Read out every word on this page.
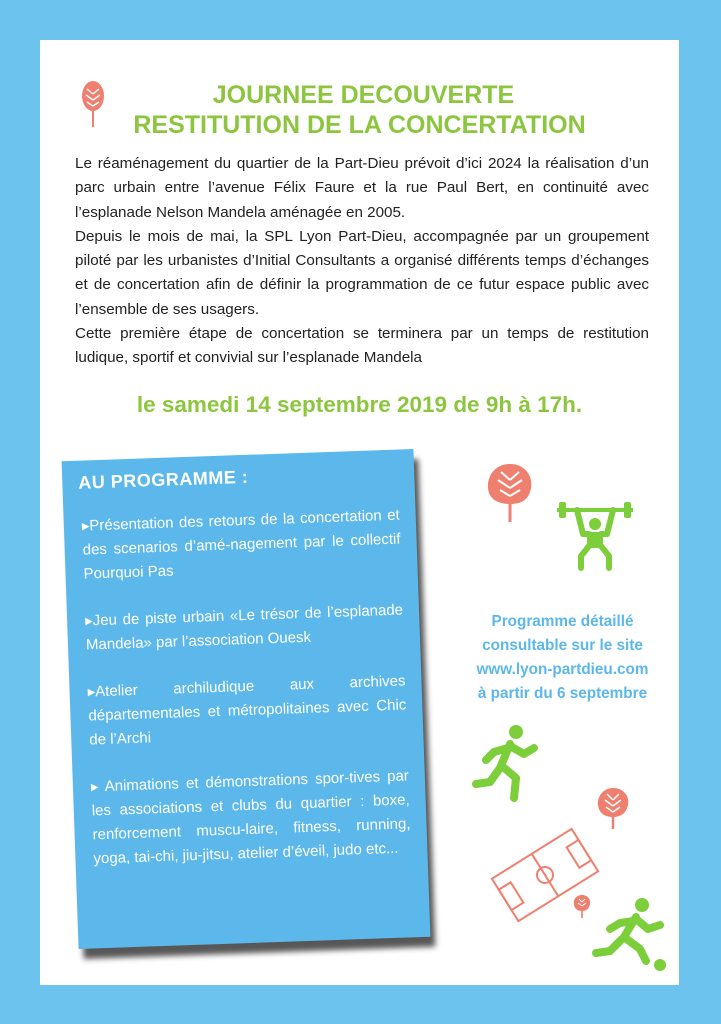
JOURNEE DECOUVERTE
RESTITUTION DE LA CONCERTATION

Le réaménagement du quartier de la Part-Dieu prévoit d’ici 2024 la réalisation d’un parc urbain entre l’avenue Félix Faure et la rue Paul Bert, en continuité avec l’esplanade Nelson Mandela aménagée en 2005.

Depuis le mois de mai, la SPL Lyon Part-Dieu, accompagnée par un groupement piloté par les urbanistes d’Initial Consultants a organisé différents temps d’échanges et de concertation afin de définir la programmation de ce futur espace public avec l’ensemble de ses usagers.

Cette première étape de concertation se terminera par un temps de restitution ludique, sportif et convivial sur l’esplanade Mandela

le samedi 14 septembre 2019 de 9h à 17h.
AU PROGRAMME :
▸Présentation des retours de la concertation et des scenarios d’amé-nagement par le collectif Pourquoi Pas
▸Jeu de piste urbain «Le trésor de l’esplanade Mandela» par l’association Ouesk
▸Atelier archiludique aux archives départementales et métropolitaines avec Chic de l’Archi
▸ Animations et démonstrations spor-tives par les associations et clubs du quartier : boxe, renforcement muscu-laire, fitness, running, yoga, tai-chi, jiu-jitsu, atelier d’éveil, judo etc...
Programme détaillé
consultable sur le site
www.lyon-partdieu.com
à partir du 6 septembre
